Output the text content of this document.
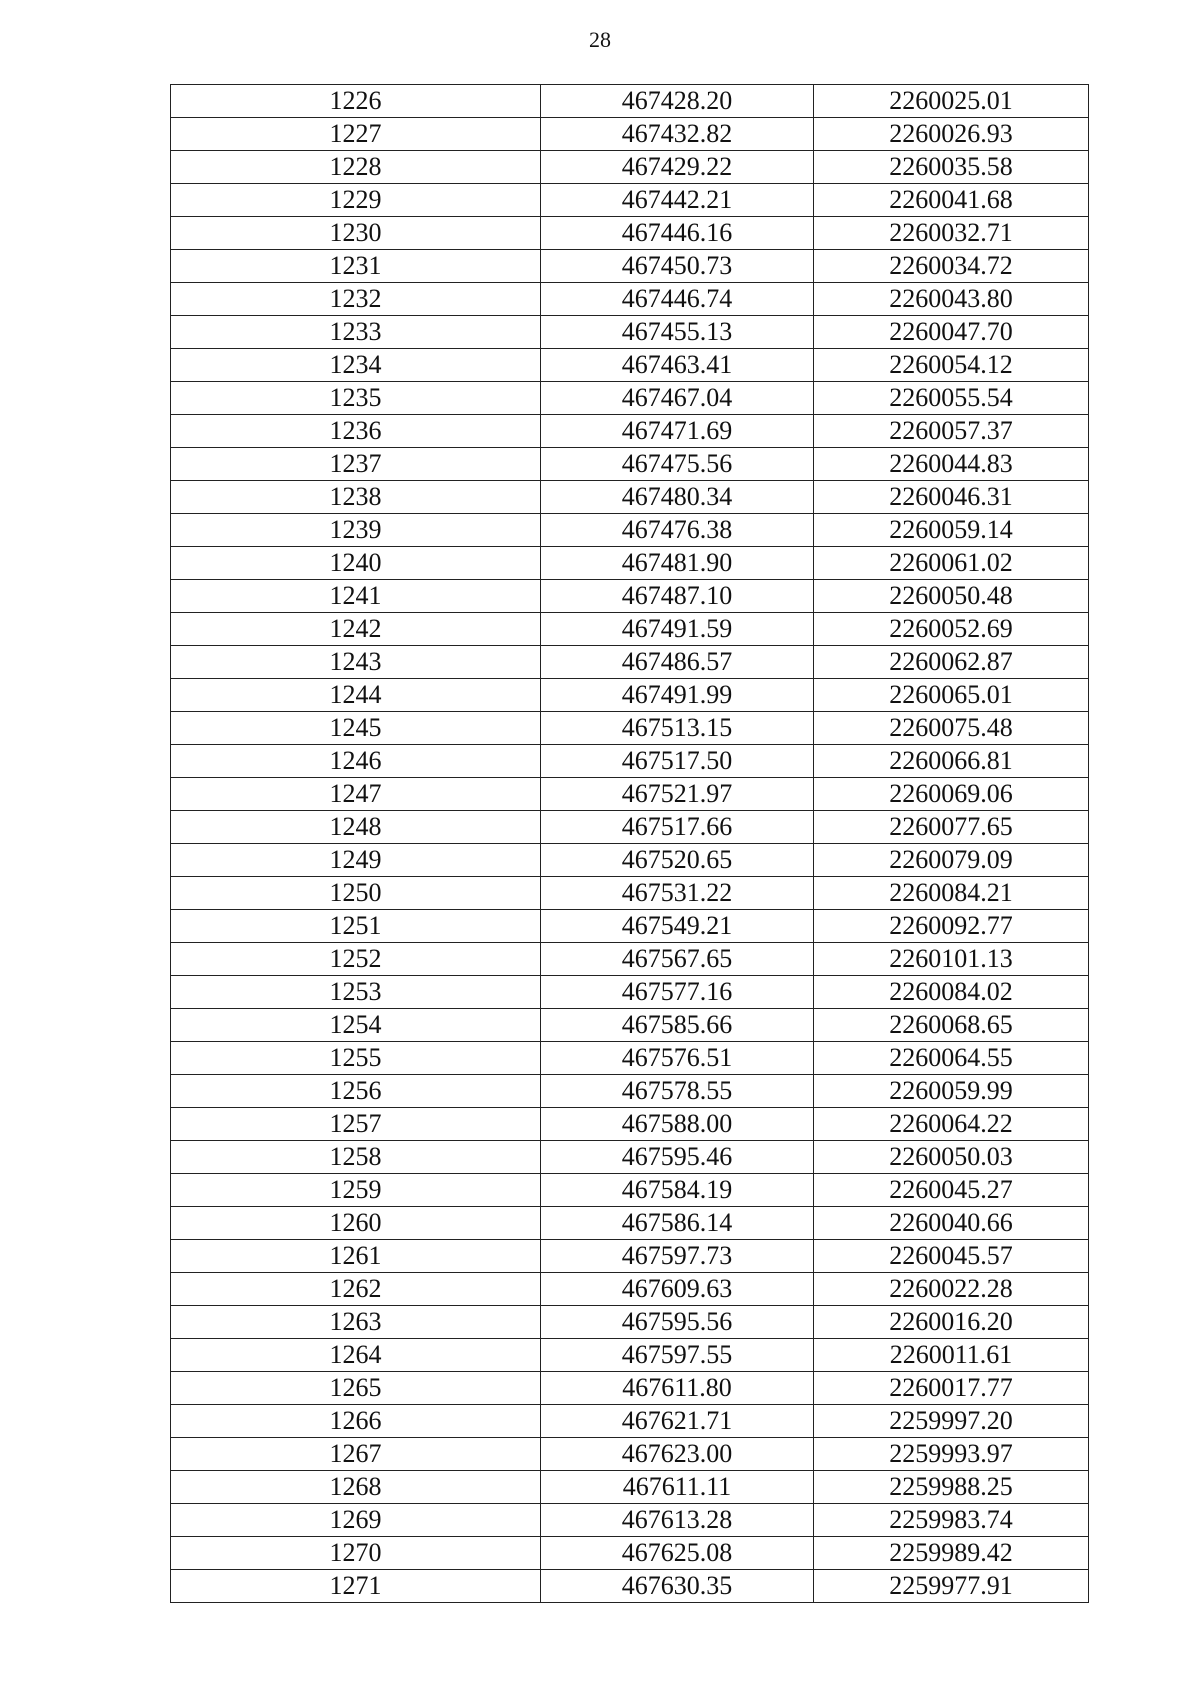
28
1226	467428.20	2260025.01
1227	467432.82	2260026.93
1228	467429.22	2260035.58
1229	467442.21	2260041.68
1230	467446.16	2260032.71
1231	467450.73	2260034.72
1232	467446.74	2260043.80
1233	467455.13	2260047.70
1234	467463.41	2260054.12
1235	467467.04	2260055.54
1236	467471.69	2260057.37
1237	467475.56	2260044.83
1238	467480.34	2260046.31
1239	467476.38	2260059.14
1240	467481.90	2260061.02
1241	467487.10	2260050.48
1242	467491.59	2260052.69
1243	467486.57	2260062.87
1244	467491.99	2260065.01
1245	467513.15	2260075.48
1246	467517.50	2260066.81
1247	467521.97	2260069.06
1248	467517.66	2260077.65
1249	467520.65	2260079.09
1250	467531.22	2260084.21
1251	467549.21	2260092.77
1252	467567.65	2260101.13
1253	467577.16	2260084.02
1254	467585.66	2260068.65
1255	467576.51	2260064.55
1256	467578.55	2260059.99
1257	467588.00	2260064.22
1258	467595.46	2260050.03
1259	467584.19	2260045.27
1260	467586.14	2260040.66
1261	467597.73	2260045.57
1262	467609.63	2260022.28
1263	467595.56	2260016.20
1264	467597.55	2260011.61
1265	467611.80	2260017.77
1266	467621.71	2259997.20
1267	467623.00	2259993.97
1268	467611.11	2259988.25
1269	467613.28	2259983.74
1270	467625.08	2259989.42
1271	467630.35	2259977.91
